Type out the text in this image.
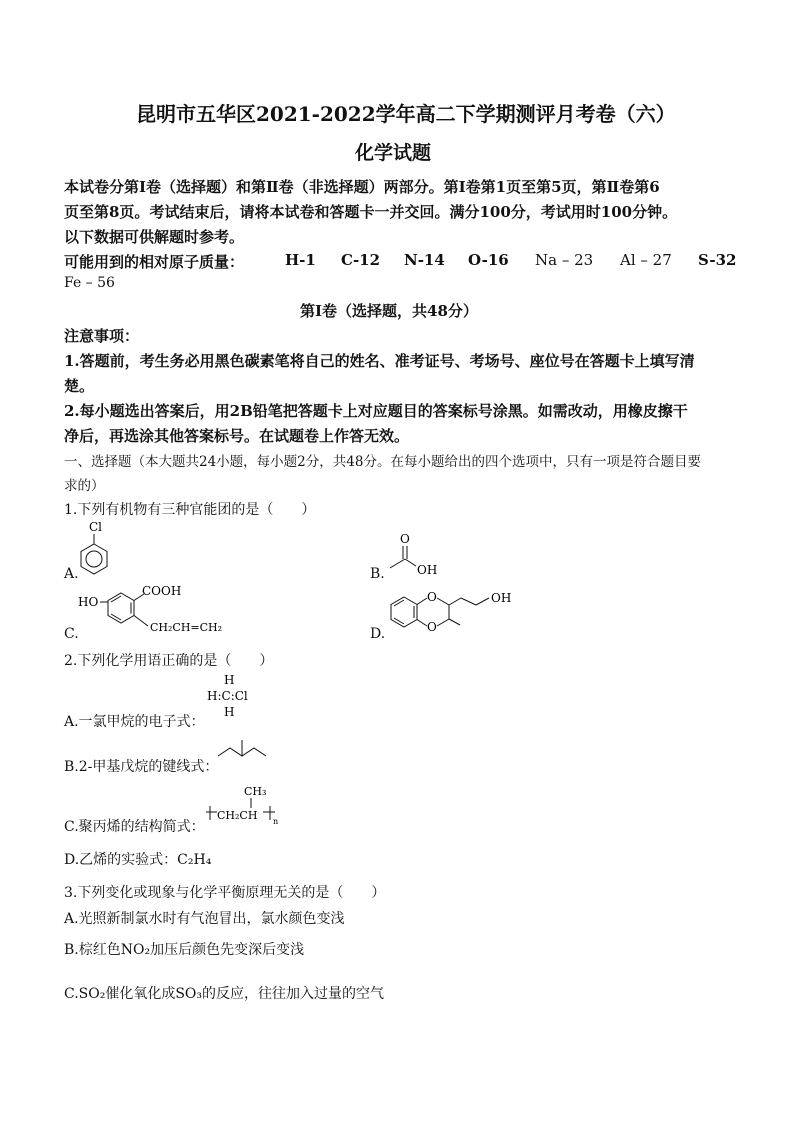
昆明市五华区2021-2022学年高二下学期测评月考卷（六）
化学试题
本试卷分第Ⅰ卷（选择题）和第Ⅱ卷（非选择题）两部分。第Ⅰ卷第1页至第5页，第Ⅱ卷第6
页至第8页。考试结束后，请将本试卷和答题卡一并交回。满分100分，考试用时100分钟。
以下数据可供解题时参考。
可能用到的相对原子质量：	H-1 C-12 N-14 O-16 Na – 23 Al – 27 S-32
Fe – 56
第Ⅰ卷（选择题，共48分）
注意事项：
1.答题前，考生务必用黑色碳素笔将自己的姓名、准考证号、考场号、座位号在答题卡上填写清
楚。
2.每小题选出答案后，用2B铅笔把答题卡上对应题目的答案标号涂黑。如需改动，用橡皮擦干
净后，再选涂其他答案标号。在试题卷上作答无效。
一、选择题（本大题共24小题，每小题2分，共48分。在每小题给出的四个选项中，只有一项是符合题目要
求的）
1.下列有机物有三种官能团的是（　　）
A.
Cl
B.
O
OH
C.
HO
COOH
CH₂CH=CH₂	D.
O
O
OH
2.下列化学用语正确的是（　　）
A.一氯甲烷的电子式：
H
H:C:Cl
H
B.2-甲基戊烷的键线式：
C.聚丙烯的结构简式：
CH₃
CH₂CH n
D.乙烯的实验式：C₂H₄
3.下列变化或现象与化学平衡原理无关的是（　　）
A.光照新制氯水时有气泡冒出，氯水颜色变浅
B.棕红色NO₂加压后颜色先变深后变浅
C.SO₂催化氧化成SO₃的反应，往往加入过量的空气
